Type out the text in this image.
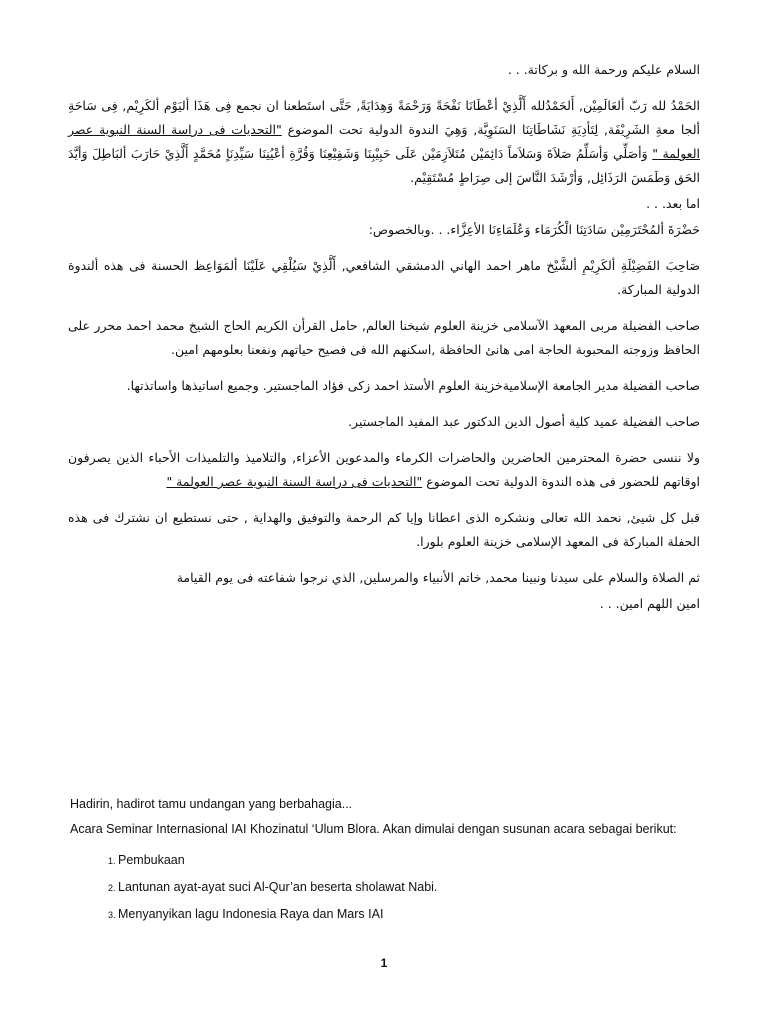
السلام عليكم ورحمة الله و بركاتة. . .

الحَمْدُ لله رَبّ ألعَالَمِيْن, أَلحَمْدُلله أَلَّذِيْ أعْطَانَا نَفْحَةً وَرَحْمَةً وَهِدَايَةً, حَتَّى استَطعنا ان نجمع فِى هَذَا أليَوْم ألكَرِيْم, فِى سَاحَةِ ألجا معةِ الشَرِيْفَة, لِتَأدِيَةِ نَشَاطَاتِنَا السَنَوِيَّة, وَهِيَ الندوة الدولية تحت الموضوع "التحديات فى دراسة السنة النبوية عصر العولمة " وَأصَلِّي وَأسَلِّمُ صَلاَةَ وَسَلاَماً دَائِمَيْن مُتَلاَزِمَيْن عَلَى حَبِيْبِنَا وَشَفِيْعِنَا وَقُرَّةِ أعْيُنِنَا سَيِّدِنَاٍ مُحَمَّدٍ أَلَّذِيْ حَارَبَ ألبَاطِلَ وَأيَّدَ الحَق وَطَمَسَ الرَذَائِل, وَأرْشَدَ النَّاسَ إلى صِرَاطٍ مُسْتَقِيْم.

اما بعد. . .

حَضْرَةَ ألمُحْتَرَمِيْن سَادَتِنَا الْكُرَمَاء وَعُلَمَاءِنَا الأعِزَّاء. . .وبالخصوص:

صَاحِبَ الفَضِيْلَةِ ألكَرِيْمِ ألشَّيْخ ماهر احمد الهاني الدمشقي الشافعي, أَلَّذِيْ سَيُلْقِي عَلَيْنَا ألمَوَاعِظ الحسنة فى هذه ألندوة الدولية المباركة.

صاحب الفضيلة مربى المعهد الآسلامى خزينة العلوم شيخنا العالم, حامل القرأن الكريم الحاج الشيخ محمد احمد محرر على الحافظ وزوجته المحبوبة الحاجة امى هانئ الحافظة ,اسكنهم الله فى فصيح حياتهم ونفعنا بعلومهم امين.

صاحب الفضيلة مدير الجامعة الإسلاميةخزينة العلوم الأستذ احمد زكى فؤاد الماجستير. وجميع اساتيذها واساتذتها.

صاحب الفضيلة عميد كلية أصول الدين الدكتور عبد المفيد الماجستير.

ولا ننسى حضرة المحترمين الحاضرين والحاضرات الكرماء والمدعوين الأعزاء, والتلاميذ والتلميذات الأحباء الذين يصرفون اوقاتهم للحضور فى هذه الندوة الدولية تحت الموضوع "التحديات فى دراسة السنة النبوية عصر العولمة "

قبل كل شيئ, نحمد الله تعالى ونشكره الذى اعطانا وإيا كم الرحمة والتوفيق والهداية , حتى نستطيع ان نشترك فى هذه الحفلة المباركة فى المعهد الإسلامى خزينة العلوم بلورا.

ثم الصلاة والسلام على سيدنا ونبينا محمد, خاتم الأنبياء والمرسلين, الذي نرجوا شفاعته فى يوم القيامة

امين اللهم امين. . .

Hadirin, hadirot tamu undangan yang berbahagia...

Acara Seminar Internasional IAI Khozinatul ‘Ulum Blora. Akan dimulai dengan susunan acara sebagai berikut:

1. Pembukaan
2. Lantunan ayat-ayat suci Al-Qur’an beserta sholawat Nabi.
3. Menyanyikan lagu Indonesia Raya dan Mars IAI
1
